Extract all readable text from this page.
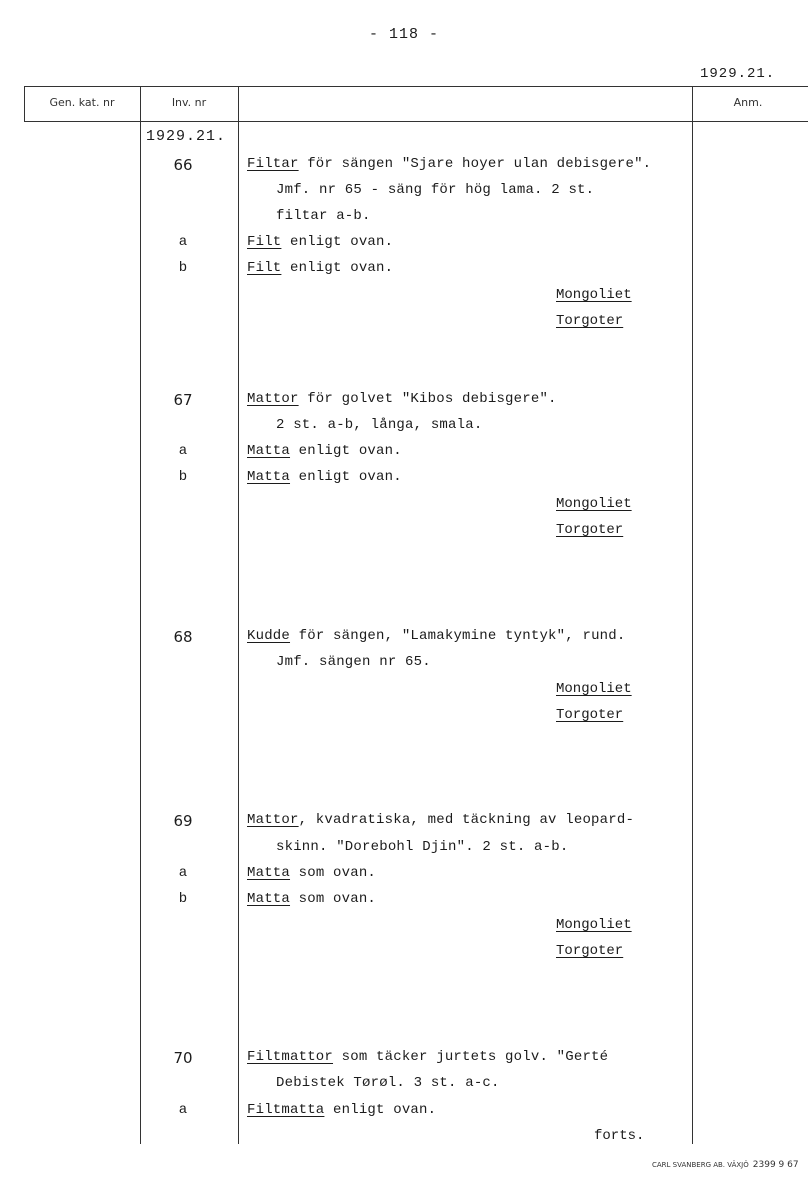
- 118 -
1929.21.
Gen. kat. nr	Inv. nr	Anm.
1929.21.
66	Filtar för sängen "Sjare hoyer ulan debisgere".
Jmf. nr 65 - säng för hög lama. 2 st.
filtar a-b.
a	Filt enligt ovan.
b	Filt enligt ovan.
Mongoliet
Torgoter
67	Mattor för golvet "Kibos debisgere".
2 st. a-b, långa, smala.
a	Matta enligt ovan.
b	Matta enligt ovan.
Mongoliet
Torgoter
68	Kudde för sängen, "Lamakymine tyntyk", rund.
Jmf. sängen nr 65.
Mongoliet
Torgoter
69	Mattor, kvadratiska, med täckning av leopard-
skinn. "Dorebohl Djin". 2 st. a-b.
a	Matta som ovan.
b	Matta som ovan.
Mongoliet
Torgoter
70	Filtmattor som täcker jurtets golv. "Gerté
Debistek Tørøl. 3 st. a-c.
a	Filtmatta enligt ovan.
forts.
CARL SVANBERG AB. VÄXJÖ 2399 9 67
